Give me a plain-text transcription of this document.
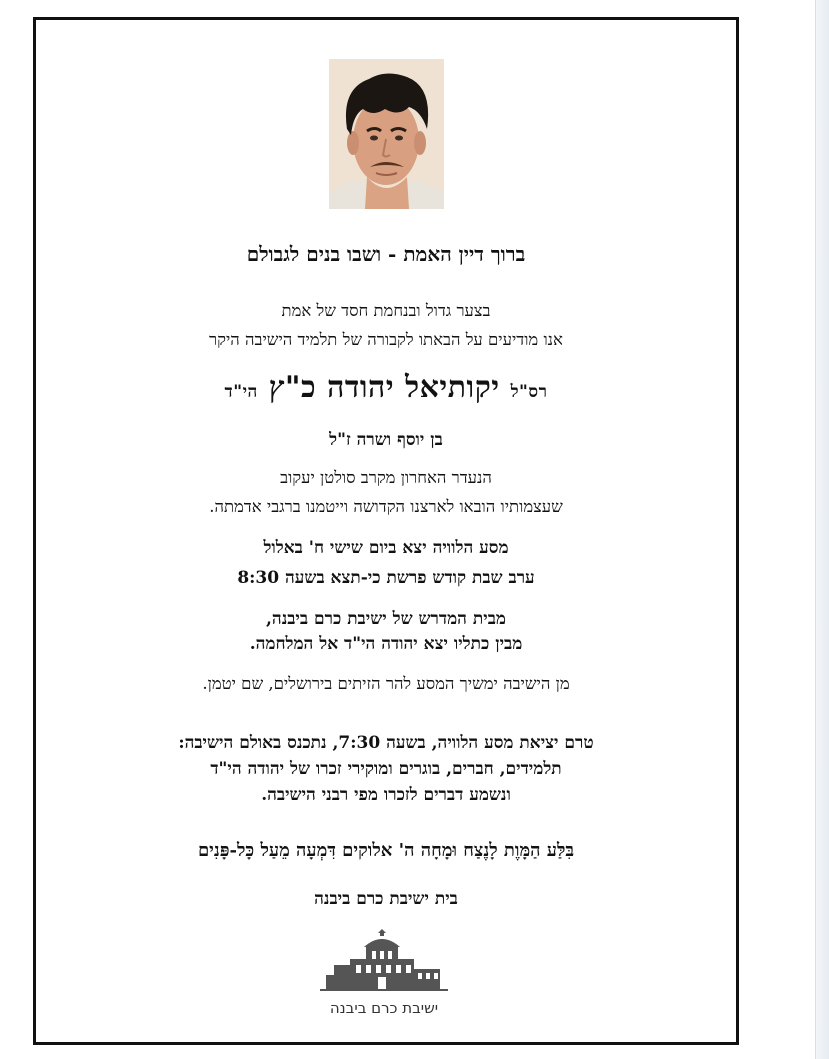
ברוך דיין האמת - ושבו בנים לגבולם
בצער גדול ובנחמת חסד של אמת
אנו מודיעים על הבאתו לקבורה של תלמיד הישיבה היקר
רס"ל יקותיאל יהודה כ"ץ הי"ד
בן יוסף ושרה ז"ל
הנעדר האחרון מקרב סולטן יעקוב
שעצמותיו הובאו לארצנו הקדושה וייטמנו ברגבי אדמתה.
מסע הלוויה יצא ביום שישי ח' באלול
ערב שבת קודש פרשת כי-תצא בשעה 8:30
מבית המדרש של ישיבת כרם ביבנה,
מבין כתליו יצא יהודה הי"ד אל המלחמה.
מן הישיבה ימשיך המסע להר הזיתים בירושלים, שם יטמן.
טרם יציאת מסע הלוויה, בשעה 7:30, נתכנס באולם הישיבה:
תלמידים, חברים, בוגרים ומוקירי זכרו של יהודה הי"ד
ונשמע דברים לזכרו מפי רבני הישיבה.
בִּלַּע הַמָּוֶת לָנֶצַח וּמָחָה ה' אלוקים דִּמְעָה מֵעַל כָּל-פָּנִים
בית ישיבת כרם ביבנה
ישיבת כרם ביבנה
